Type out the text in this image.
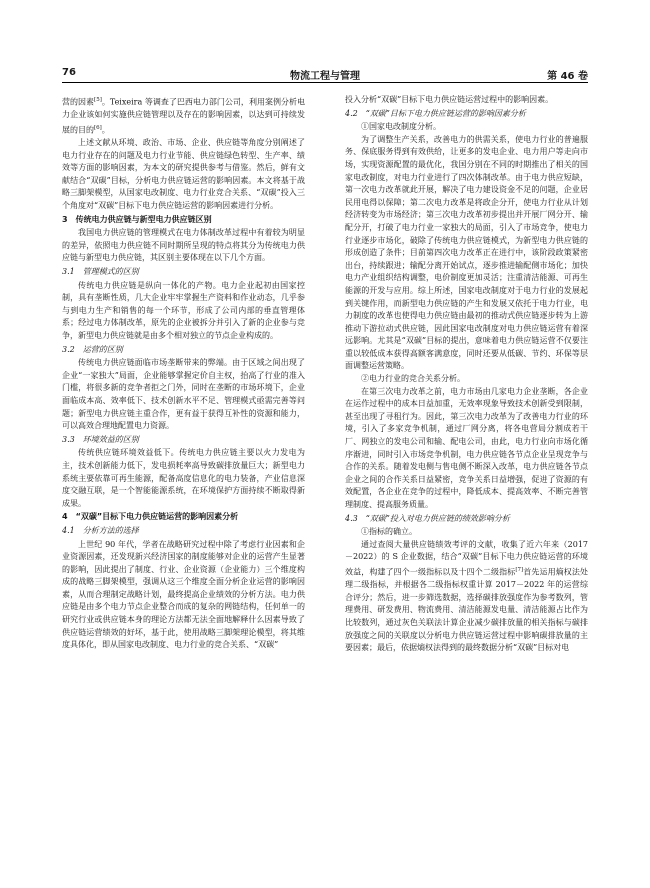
76	物流工程与管理	第 46 卷

营的因素[5]。Teixeira 等调查了巴西电力部门公司，利用案例分析电力企业该如何实施供应链管理以及存在的影响因素，以达到可持续发展的目的[6]。

上述文献从环境、政治、市场、企业、供应链等角度分别阐述了电力行业存在的问题及电力行业节能、供应链绿色转型、生产率、绩效等方面的影响因素，为本文的研究提供参考与借鉴。然后，鲜有文献结合“双碳”目标，分析电力供应链运营的影响因素。本文将基于战略三脚架模型，从国家电改制度、电力行业竞合关系、“双碳”投入三个角度对“双碳”目标下电力供应链运营的影响因素进行分析。

3　传统电力供应链与新型电力供应链区别

我国电力供应链的管理模式在电力体制改革过程中有着较为明显的差异，依照电力供应链不同时期所呈现的特点将其分为传统电力供应链与新型电力供应链，其区别主要体现在以下几个方面。

3.1　管理模式的区别

传统电力供应链是纵向一体化的产物。电力企业起初由国家控制，具有垄断性质，几大企业牢牢掌握生产资料和作业动态，几乎参与到电力生产和销售的每一个环节，形成了公司内部的垂直管理体系；经过电力体制改革，原先的企业被拆分并引入了新的企业参与竞争，新型电力供应链就是由多个相对独立的节点企业构成的。

3.2　运营的区别

传统电力供应链面临市场垄断带来的弊端。由于区域之间出现了企业“一家独大”局面，企业能够掌握定价自主权，抬高了行业的准入门槛，将很多新的竞争者拒之门外，同时在垄断的市场环境下，企业面临成本高、效率低下、技术创新水平不足、管理模式亟需完善等问题；新型电力供应链主重合作，更有益于获得互补性的资源和能力，可以高效合理地配置电力资源。

3.3　环境效益的区别

传统供应链环境效益低下。传统电力供应链主要以火力发电为主，技术创新能力低下，发电损耗率高导致碳排放量巨大；新型电力系统主要依靠可再生能源，配备高度信息化的电力装备，产业信息深度交融互联，是一个智能能源系统，在环境保护方面持续不断取得新成果。

4　“双碳”目标下电力供应链运营的影响因素分析
4.1　分析方法的选择

上世纪 90 年代，学者在战略研究过程中除了考虑行业因素和企业资源因素，还发现新兴经济国家的制度能够对企业的运营产生显著的影响，因此提出了制度、行业、企业资源（企业能力）三个维度构成的战略三脚架模型，强调从这三个维度全面分析企业运营的影响因素，从而合理制定战略计划，最终提高企业绩效的分析方法。电力供应链是由多个电力节点企业整合而成的复杂的网链结构，任何单一的研究行业或供应链本身的理论方法都无法全面地解释什么因素导致了供应链运营绩效的好坏，基于此，使用战略三脚架理论模型，将其维度具体化，即从国家电改制度、电力行业的竞合关系、“双碳”

投入分析“双碳”目标下电力供应链运营过程中的影响因素。

4.2　“双碳”目标下电力供应链运营的影响因素分析
①国家电改制度分析。

为了调整生产关系，改善电力的供需关系，使电力行业的普遍服务、保底服务得到有效供给，让更多的发电企业、电力用户等走向市场，实现资源配置的最优化，我国分别在不同的时期推出了相关的国家电改制度，对电力行业进行了四次体制改革。由于电力供应短缺，第一次电力改革就此开展，解决了电力建设资金不足的问题，企业居民用电得以保障；第二次电力改革是将政企分开，使电力行业从计划经济转变为市场经济；第三次电力改革初步提出并开展厂网分开、输配分开，打破了电力行业一家独大的局面，引入了市场竞争，使电力行业逐步市场化，破除了传统电力供应链模式，为新型电力供应链的形成创造了条件；目前第四次电力改革正在进行中，该阶段政策紧密出台，持续跟进；输配分离开始试点，逐步推进输配侧市场化；加快电力产业组织结构调整，电价制度更加灵活；注重清洁能源、可再生能源的开发与应用。综上所述，国家电改制度对于电力行业的发展起到关键作用，而新型电力供应链的产生和发展又依托于电力行业，电力制度的改革也使得电力供应链由最初的推动式供应链逐步转为上游推动下游拉动式供应链，因此国家电改制度对电力供应链运营有着深远影响。尤其是“双碳”目标的提出，意味着电力供应链运营不仅要注重以较低成本获得高额客满意度，同时还要从低碳、节约、环保等层面调整运营策略。

②电力行业的竞合关系分析。

在第三次电力改革之前，电力市场由几家电力企业垄断，各企业在运作过程中的成本日益加重，无效率现象导致技术创新受到限制，甚至出现了寻租行为。因此，第三次电力改革为了改善电力行业的环境，引入了多家竞争机制，通过厂网分离，将各电营局分割成若干厂、网独立的发电公司和输、配电公司，由此，电力行业向市场化循序渐进，同时引入市场竞争机制，电力供应链各节点企业呈现竞争与合作的关系。随着发电侧与售电侧不断深入改革，电力供应链各节点企业之间的合作关系日益紧密，竞争关系日益增强，促进了资源的有效配置，各企业在竞争的过程中，降低成本、提高效率、不断完善管理制度、提高服务质量。

4.3　“双碳”投入对电力供应链的绩效影响分析
①指标的确立。

通过查阅大量供应链绩效考评的文献，收集了近六年来（2017－2022）的 S 企业数据，结合“双碳”目标下电力供应链运营的环境效益，构建了四个一级指标以及十四个二级指标[7]首先运用熵权法处理二级指标，并根据各二级指标权重计算 2017－2022 年的运营综合评分；然后，进一步筛选数据，选择碳排放强度作为参考数列，管理费用、研发费用、物流费用、清洁能源发电量、清洁能源占比作为比较数列，通过灰色关联法计算企业减少碳排放量的相关指标与碳排放强度之间的关联度以分析电力供应链运营过程中影响碳排放量的主要因素；最后，依据熵权法得到的最终数据分析“双碳”目标对电
